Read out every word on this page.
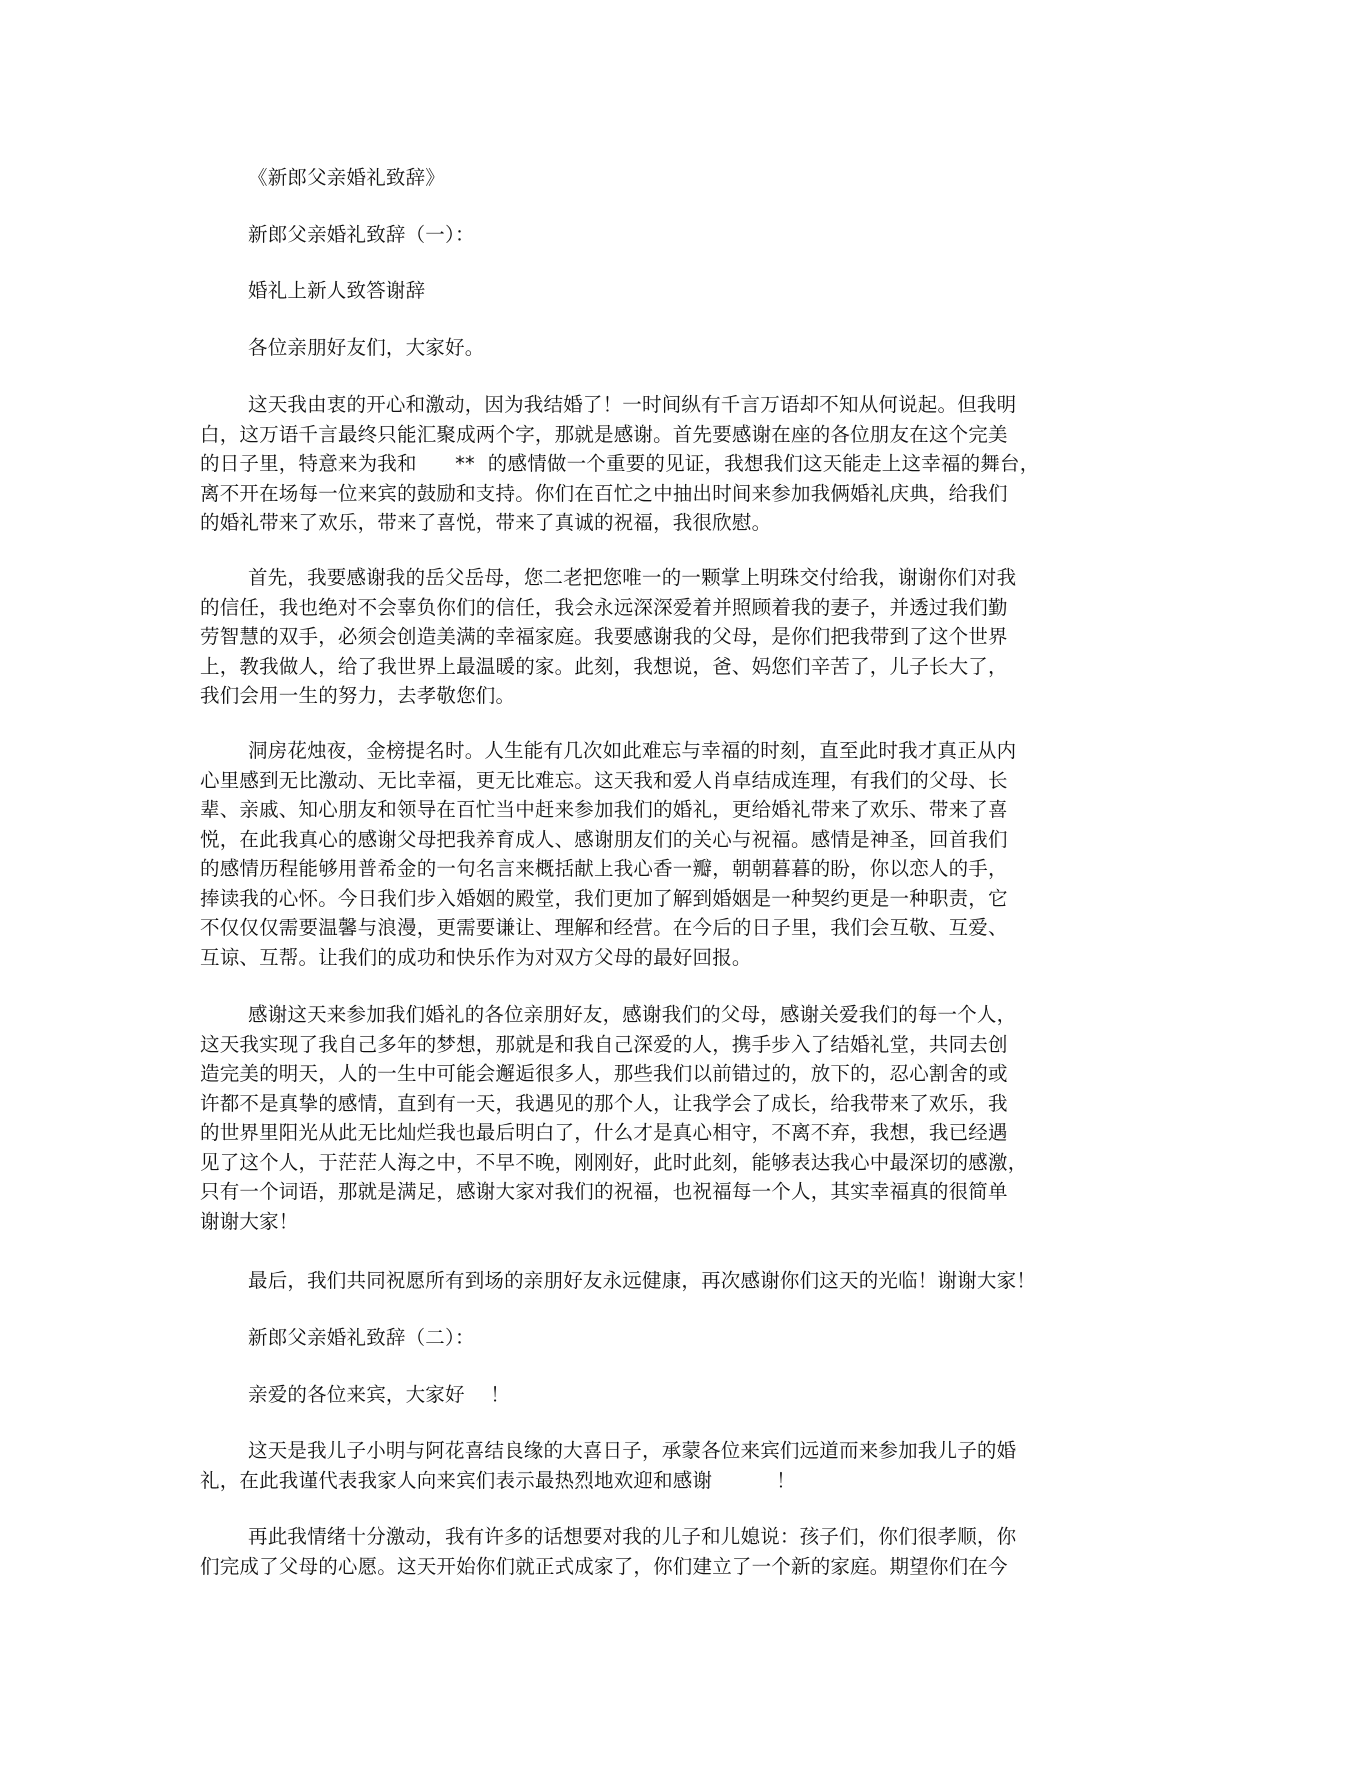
《新郎父亲婚礼致辞》
新郎父亲婚礼致辞（一）：
婚礼上新人致答谢辞
各位亲朋好友们，大家好。
这天我由衷的开心和激动，因为我结婚了！一时间纵有千言万语却不知从何说起。但我明
白，这万语千言最终只能汇聚成两个字，那就是感谢。首先要感谢在座的各位朋友在这个完美
的日子里，特意来为我和      **  的感情做一个重要的见证，我想我们这天能走上这幸福的舞台，
离不开在场每一位来宾的鼓励和支持。你们在百忙之中抽出时间来参加我俩婚礼庆典，给我们
的婚礼带来了欢乐，带来了喜悦，带来了真诚的祝福，我很欣慰。
首先，我要感谢我的岳父岳母，您二老把您唯一的一颗掌上明珠交付给我，谢谢你们对我
的信任，我也绝对不会辜负你们的信任，我会永远深深爱着并照顾着我的妻子，并透过我们勤
劳智慧的双手，必须会创造美满的幸福家庭。我要感谢我的父母，是你们把我带到了这个世界
上，教我做人，给了我世界上最温暖的家。此刻，我想说，爸、妈您们辛苦了，儿子长大了，
我们会用一生的努力，去孝敬您们。
洞房花烛夜，金榜提名时。人生能有几次如此难忘与幸福的时刻，直至此时我才真正从内
心里感到无比激动、无比幸福，更无比难忘。这天我和爱人肖卓结成连理，有我们的父母、长
辈、亲戚、知心朋友和领导在百忙当中赶来参加我们的婚礼，更给婚礼带来了欢乐、带来了喜
悦，在此我真心的感谢父母把我养育成人、感谢朋友们的关心与祝福。感情是神圣，回首我们
的感情历程能够用普希金的一句名言来概括献上我心香一瓣，朝朝暮暮的盼，你以恋人的手，
捧读我的心怀。今日我们步入婚姻的殿堂，我们更加了解到婚姻是一种契约更是一种职责，它
不仅仅仅需要温馨与浪漫，更需要谦让、理解和经营。在今后的日子里，我们会互敬、互爱、
互谅、互帮。让我们的成功和快乐作为对双方父母的最好回报。
感谢这天来参加我们婚礼的各位亲朋好友，感谢我们的父母，感谢关爱我们的每一个人，
这天我实现了我自己多年的梦想，那就是和我自己深爱的人，携手步入了结婚礼堂，共同去创
造完美的明天，人的一生中可能会邂逅很多人，那些我们以前错过的，放下的，忍心割舍的或
许都不是真挚的感情，直到有一天，我遇见的那个人，让我学会了成长，给我带来了欢乐，我
的世界里阳光从此无比灿烂我也最后明白了，什么才是真心相守，不离不弃，我想，我已经遇
见了这个人，于茫茫人海之中，不早不晚，刚刚好，此时此刻，能够表达我心中最深切的感激，
只有一个词语，那就是满足，感谢大家对我们的祝福，也祝福每一个人，其实幸福真的很简单
谢谢大家！
最后，我们共同祝愿所有到场的亲朋好友永远健康，再次感谢你们这天的光临！谢谢大家！
新郎父亲婚礼致辞（二）：
亲爱的各位来宾，大家好    ！
这天是我儿子小明与阿花喜结良缘的大喜日子，承蒙各位来宾们远道而来参加我儿子的婚
礼，在此我谨代表我家人向来宾们表示最热烈地欢迎和感谢          ！
再此我情绪十分激动，我有许多的话想要对我的儿子和儿媳说：孩子们，你们很孝顺，你
们完成了父母的心愿。这天开始你们就正式成家了，你们建立了一个新的家庭。期望你们在今
